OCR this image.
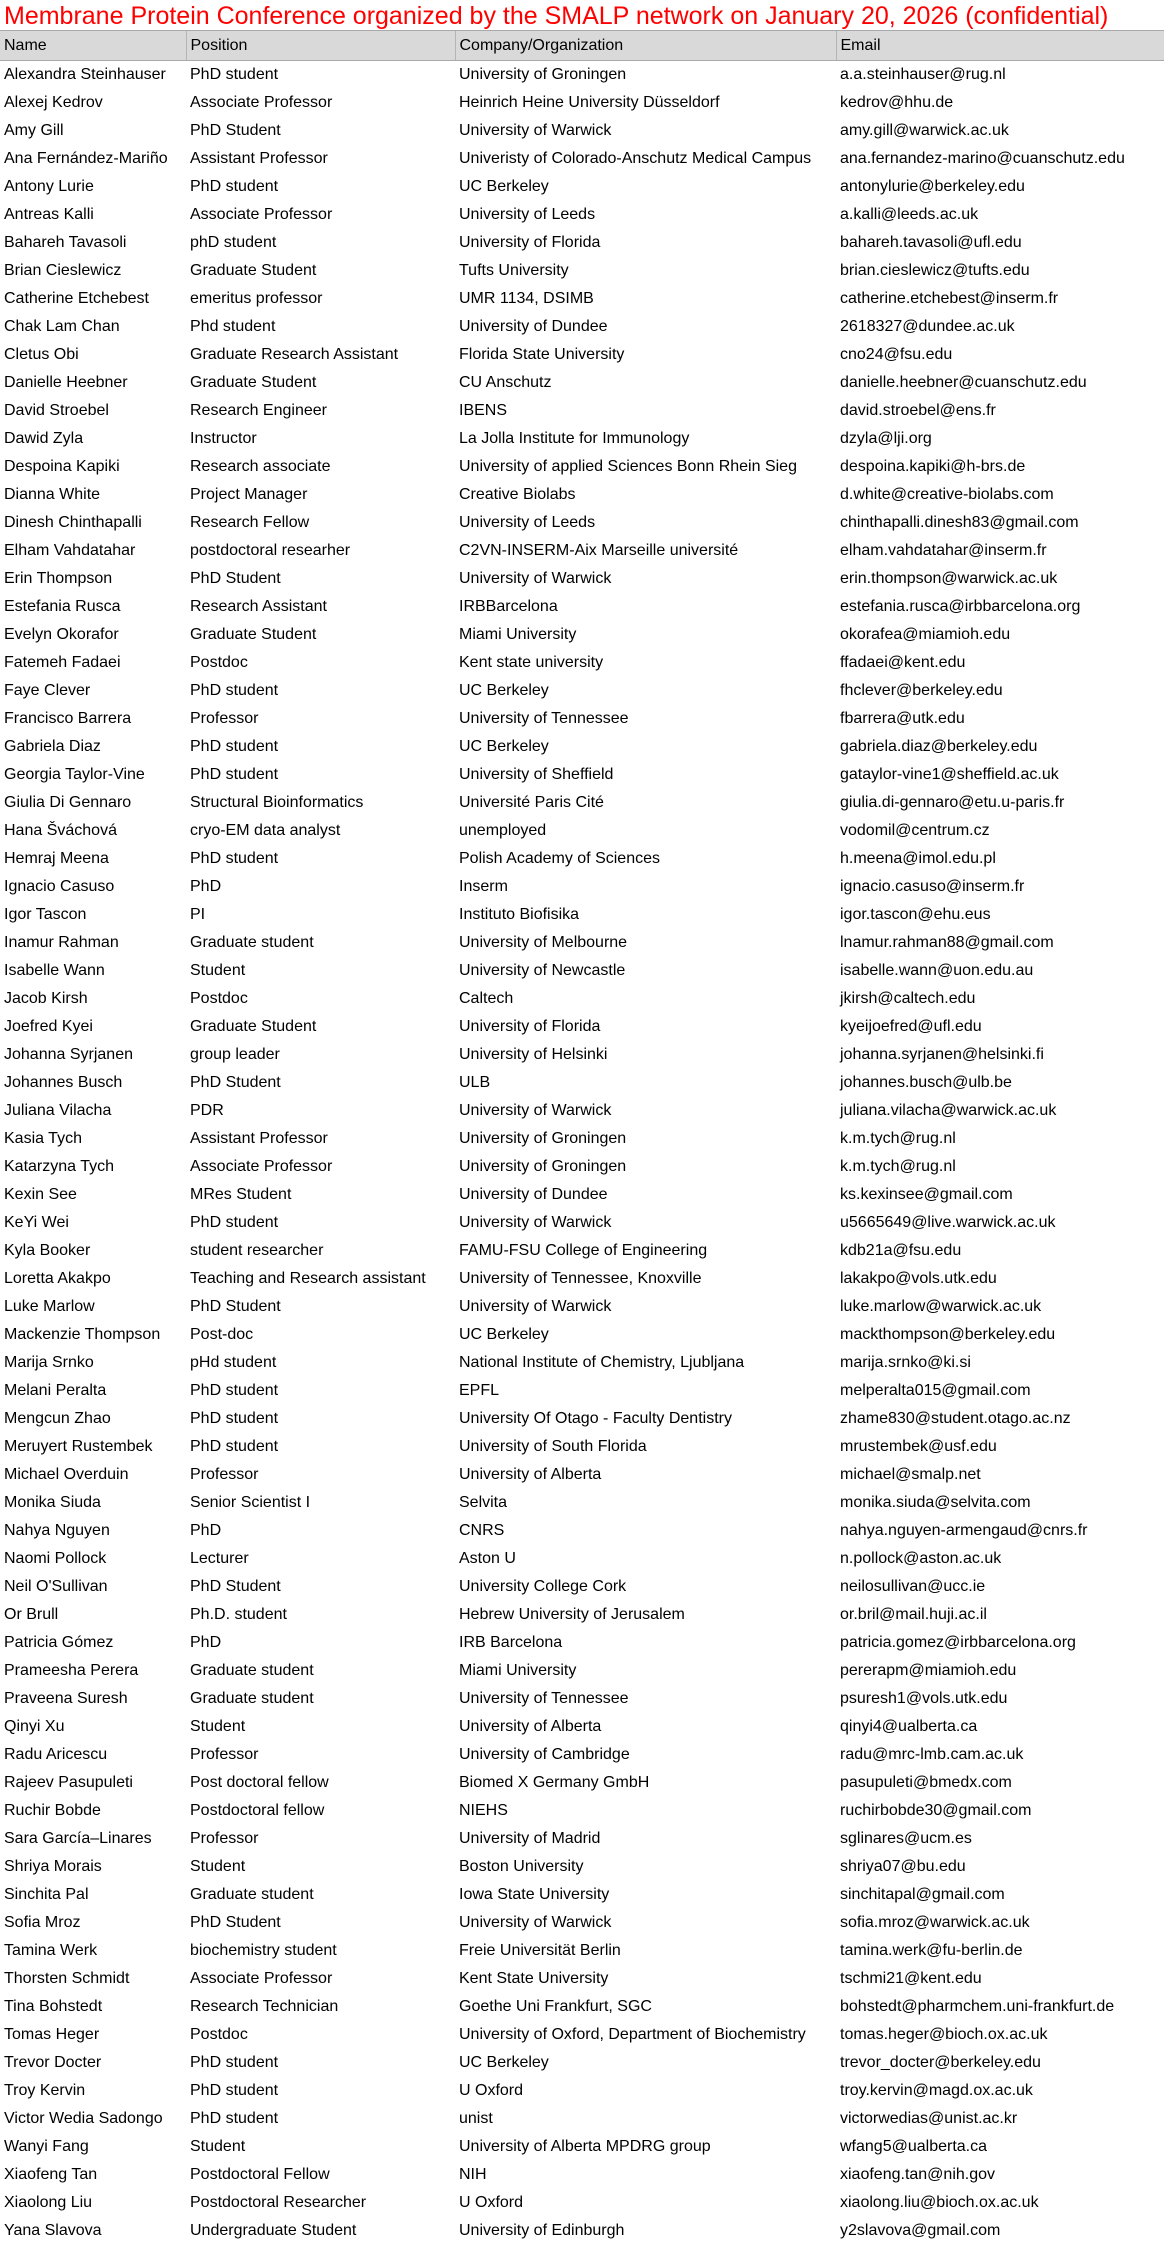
Membrane Protein Conference organized by the SMALP network on January 20, 2026 (confidential)
Name	Position	Company/Organization	Email
Alexandra Steinhauser	PhD student	University of Groningen	a.a.steinhauser@rug.nl
Alexej Kedrov	Associate Professor	Heinrich Heine University Düsseldorf	kedrov@hhu.de
Amy Gill	PhD Student	University of Warwick	amy.gill@warwick.ac.uk
Ana Fernández-Mariño	Assistant Professor	Univeristy of Colorado-Anschutz Medical Campus	ana.fernandez-marino@cuanschutz.edu
Antony Lurie	PhD student	UC Berkeley	antonylurie@berkeley.edu
Antreas Kalli	Associate Professor	University of Leeds	a.kalli@leeds.ac.uk
Bahareh Tavasoli	phD student	University of Florida	bahareh.tavasoli@ufl.edu
Brian Cieslewicz	Graduate Student	Tufts University	brian.cieslewicz@tufts.edu
Catherine Etchebest	emeritus professor	UMR 1134, DSIMB	catherine.etchebest@inserm.fr
Chak Lam Chan	Phd student	University of Dundee	2618327@dundee.ac.uk
Cletus Obi	Graduate Research Assistant	Florida State University	cno24@fsu.edu
Danielle Heebner	Graduate Student	CU Anschutz	danielle.heebner@cuanschutz.edu
David Stroebel	Research Engineer	IBENS	david.stroebel@ens.fr
Dawid Zyla	Instructor	La Jolla Institute for Immunology	dzyla@lji.org
Despoina Kapiki	Research associate	University of applied Sciences Bonn Rhein Sieg	despoina.kapiki@h-brs.de
Dianna White	Project Manager	Creative Biolabs	d.white@creative-biolabs.com
Dinesh Chinthapalli	Research Fellow	University of Leeds	chinthapalli.dinesh83@gmail.com
Elham Vahdatahar	postdoctoral researher	C2VN-INSERM-Aix Marseille université	elham.vahdatahar@inserm.fr
Erin Thompson	PhD Student	University of Warwick	erin.thompson@warwick.ac.uk
Estefania Rusca	Research Assistant	IRBBarcelona	estefania.rusca@irbbarcelona.org
Evelyn Okorafor	Graduate Student	Miami University	okorafea@miamioh.edu
Fatemeh Fadaei	Postdoc	Kent state university	ffadaei@kent.edu
Faye Clever	PhD student	UC Berkeley	fhclever@berkeley.edu
Francisco Barrera	Professor	University of Tennessee	fbarrera@utk.edu
Gabriela Diaz	PhD student	UC Berkeley	gabriela.diaz@berkeley.edu
Georgia Taylor-Vine	PhD student	University of Sheffield	gataylor-vine1@sheffield.ac.uk
Giulia Di Gennaro	Structural Bioinformatics	Université Paris Cité	giulia.di-gennaro@etu.u-paris.fr
Hana Šváchová	cryo-EM data analyst	unemployed	vodomil@centrum.cz
Hemraj Meena	PhD student	Polish Academy of Sciences	h.meena@imol.edu.pl
Ignacio Casuso	PhD	Inserm	ignacio.casuso@inserm.fr
Igor Tascon	PI	Instituto Biofisika	igor.tascon@ehu.eus
Inamur Rahman	Graduate student	University of Melbourne	lnamur.rahman88@gmail.com
Isabelle Wann	Student	University of Newcastle	isabelle.wann@uon.edu.au
Jacob Kirsh	Postdoc	Caltech	jkirsh@caltech.edu
Joefred Kyei	Graduate Student	University of Florida	kyeijoefred@ufl.edu
Johanna Syrjanen	group leader	University of Helsinki	johanna.syrjanen@helsinki.fi
Johannes Busch	PhD Student	ULB	johannes.busch@ulb.be
Juliana Vilacha	PDR	University of Warwick	juliana.vilacha@warwick.ac.uk
Kasia Tych	Assistant Professor	University of Groningen	k.m.tych@rug.nl
Katarzyna Tych	Associate Professor	University of Groningen	k.m.tych@rug.nl
Kexin See	MRes Student	University of Dundee	ks.kexinsee@gmail.com
KeYi Wei	PhD student	University of Warwick	u5665649@live.warwick.ac.uk
Kyla Booker	student researcher	FAMU-FSU College of Engineering	kdb21a@fsu.edu
Loretta Akakpo	Teaching and Research assistant	University of Tennessee, Knoxville	lakakpo@vols.utk.edu
Luke Marlow	PhD Student	University of Warwick	luke.marlow@warwick.ac.uk
Mackenzie Thompson	Post-doc	UC Berkeley	mackthompson@berkeley.edu
Marija Srnko	pHd student	National Institute of Chemistry, Ljubljana	marija.srnko@ki.si
Melani Peralta	PhD student	EPFL	melperalta015@gmail.com
Mengcun Zhao	PhD student	University Of Otago - Faculty Dentistry	zhame830@student.otago.ac.nz
Meruyert Rustembek	PhD student	University of South Florida	mrustembek@usf.edu
Michael Overduin	Professor	University of Alberta	michael@smalp.net
Monika Siuda	Senior Scientist I	Selvita	monika.siuda@selvita.com
Nahya Nguyen	PhD	CNRS	nahya.nguyen-armengaud@cnrs.fr
Naomi Pollock	Lecturer	Aston U	n.pollock@aston.ac.uk
Neil O'Sullivan	PhD Student	University College Cork	neilosullivan@ucc.ie
Or Brull	Ph.D. student	Hebrew University of Jerusalem	or.bril@mail.huji.ac.il
Patricia Gómez	PhD	IRB Barcelona	patricia.gomez@irbbarcelona.org
Prameesha Perera	Graduate student	Miami University	pererapm@miamioh.edu
Praveena Suresh	Graduate student	University of Tennessee	psuresh1@vols.utk.edu
Qinyi Xu	Student	University of Alberta	qinyi4@ualberta.ca
Radu Aricescu	Professor	University of Cambridge	radu@mrc-lmb.cam.ac.uk
Rajeev Pasupuleti	Post doctoral fellow	Biomed X Germany GmbH	pasupuleti@bmedx.com
Ruchir Bobde	Postdoctoral fellow	NIEHS	ruchirbobde30@gmail.com
Sara García–Linares	Professor	University of Madrid	sglinares@ucm.es
Shriya Morais	Student	Boston University	shriya07@bu.edu
Sinchita Pal	Graduate student	Iowa State University	sinchitapal@gmail.com
Sofia Mroz	PhD Student	University of Warwick	sofia.mroz@warwick.ac.uk
Tamina Werk	biochemistry student	Freie Universität Berlin	tamina.werk@fu-berlin.de
Thorsten Schmidt	Associate Professor	Kent State University	tschmi21@kent.edu
Tina Bohstedt	Research Technician	Goethe Uni Frankfurt, SGC	bohstedt@pharmchem.uni-frankfurt.de
Tomas Heger	Postdoc	University of Oxford, Department of Biochemistry	tomas.heger@bioch.ox.ac.uk
Trevor Docter	PhD student	UC Berkeley	trevor_docter@berkeley.edu
Troy Kervin	PhD student	U Oxford	troy.kervin@magd.ox.ac.uk
Victor Wedia Sadongo	PhD student	unist	victorwedias@unist.ac.kr
Wanyi Fang	Student	University of Alberta MPDRG group	wfang5@ualberta.ca
Xiaofeng Tan	Postdoctoral Fellow	NIH	xiaofeng.tan@nih.gov
Xiaolong Liu	Postdoctoral Researcher	U Oxford	xiaolong.liu@bioch.ox.ac.uk
Yana Slavova	Undergraduate Student	University of Edinburgh	y2slavova@gmail.com
